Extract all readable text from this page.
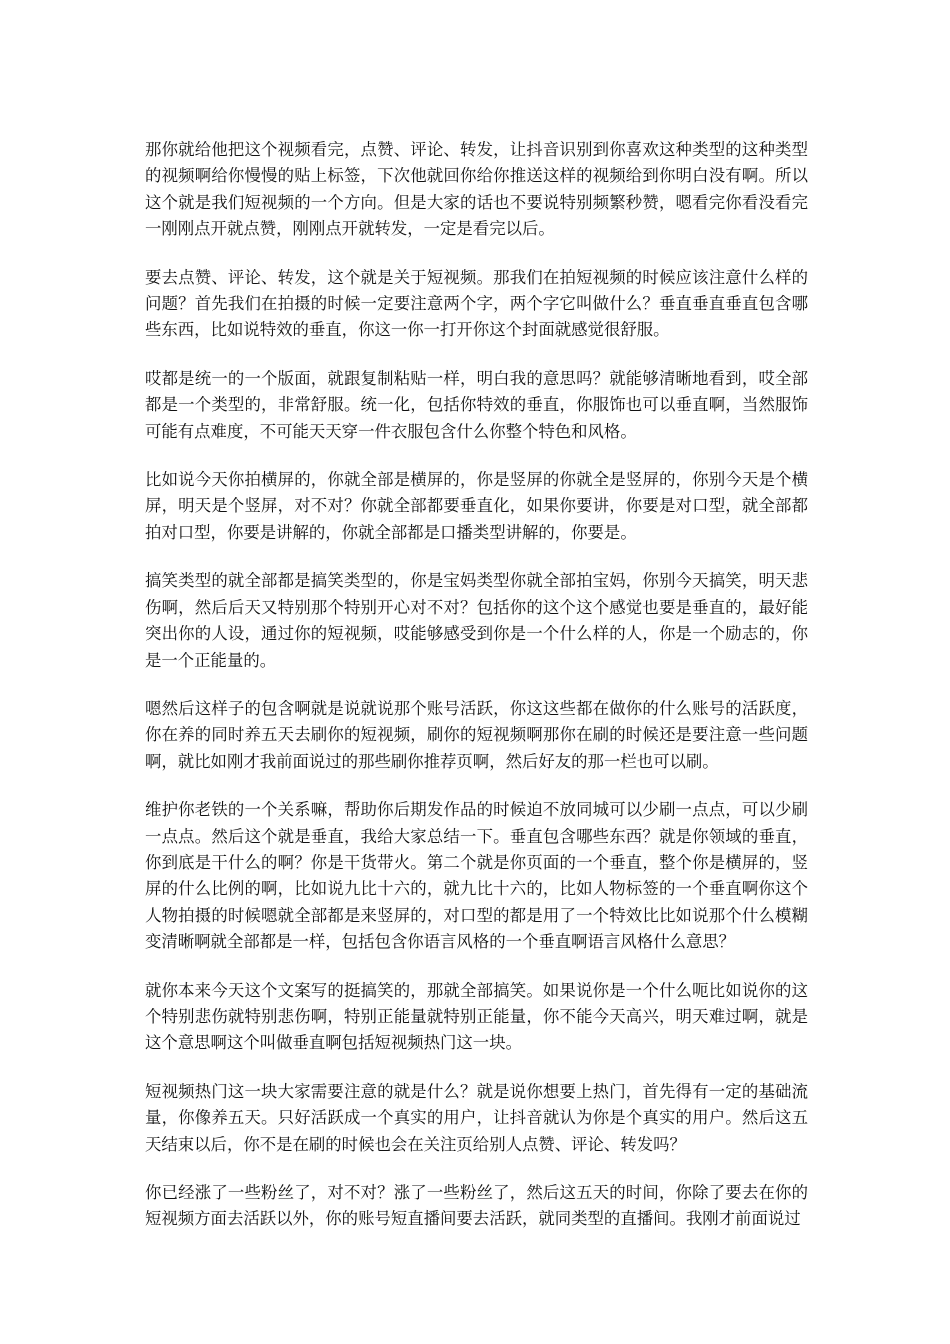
那你就给他把这个视频看完，点赞、评论、转发，让抖音识别到你喜欢这种类型的这种类型的视频啊给你慢慢的贴上标签，下次他就回你给你推送这样的视频给到你明白没有啊。所以这个就是我们短视频的一个方向。但是大家的话也不要说特别频繁秒赞，嗯看完你看没看完一刚刚点开就点赞，刚刚点开就转发，一定是看完以后。

要去点赞、评论、转发，这个就是关于短视频。那我们在拍短视频的时候应该注意什么样的问题？首先我们在拍摄的时候一定要注意两个字，两个字它叫做什么？垂直垂直垂直包含哪些东西，比如说特效的垂直，你这一你一打开你这个封面就感觉很舒服。

哎都是统一的一个版面，就跟复制粘贴一样，明白我的意思吗？就能够清晰地看到，哎全部都是一个类型的，非常舒服。统一化，包括你特效的垂直，你服饰也可以垂直啊，当然服饰可能有点难度，不可能天天穿一件衣服包含什么你整个特色和风格。

比如说今天你拍横屏的，你就全部是横屏的，你是竖屏的你就全是竖屏的，你别今天是个横屏，明天是个竖屏，对不对？你就全部都要垂直化，如果你要讲，你要是对口型，就全部都拍对口型，你要是讲解的，你就全部都是口播类型讲解的，你要是。

搞笑类型的就全部都是搞笑类型的，你是宝妈类型你就全部拍宝妈，你别今天搞笑，明天悲伤啊，然后后天又特别那个特别开心对不对？包括你的这个这个感觉也要是垂直的，最好能突出你的人设，通过你的短视频，哎能够感受到你是一个什么样的人，你是一个励志的，你是一个正能量的。

嗯然后这样子的包含啊就是说就说那个账号活跃，你这这些都在做你的什么账号的活跃度，你在养的同时养五天去刷你的短视频，刷你的短视频啊那你在刷的时候还是要注意一些问题啊，就比如刚才我前面说过的那些刷你推荐页啊，然后好友的那一栏也可以刷。

维护你老铁的一个关系嘛，帮助你后期发作品的时候迫不放同城可以少刷一点点，可以少刷一点点。然后这个就是垂直，我给大家总结一下。垂直包含哪些东西？就是你领域的垂直，你到底是干什么的啊？你是干货带火。第二个就是你页面的一个垂直，整个你是横屏的，竖屏的什么比例的啊，比如说九比十六的，就九比十六的，比如人物标签的一个垂直啊你这个人物拍摄的时候嗯就全部都是来竖屏的，对口型的都是用了一个特效比比如说那个什么模糊变清晰啊就全部都是一样，包括包含你语言风格的一个垂直啊语言风格什么意思？

就你本来今天这个文案写的挺搞笑的，那就全部搞笑。如果说你是一个什么呃比如说你的这个特别悲伤就特别悲伤啊，特别正能量就特别正能量，你不能今天高兴，明天难过啊，就是这个意思啊这个叫做垂直啊包括短视频热门这一块。

短视频热门这一块大家需要注意的就是什么？就是说你想要上热门，首先得有一定的基础流量，你像养五天。只好活跃成一个真实的用户，让抖音就认为你是个真实的用户。然后这五天结束以后，你不是在刷的时候也会在关注页给别人点赞、评论、转发吗？

你已经涨了一些粉丝了，对不对？涨了一些粉丝了，然后这五天的时间，你除了要去在你的短视频方面去活跃以外，你的账号短直播间要去活跃，就同类型的直播间。我刚才前面说过
